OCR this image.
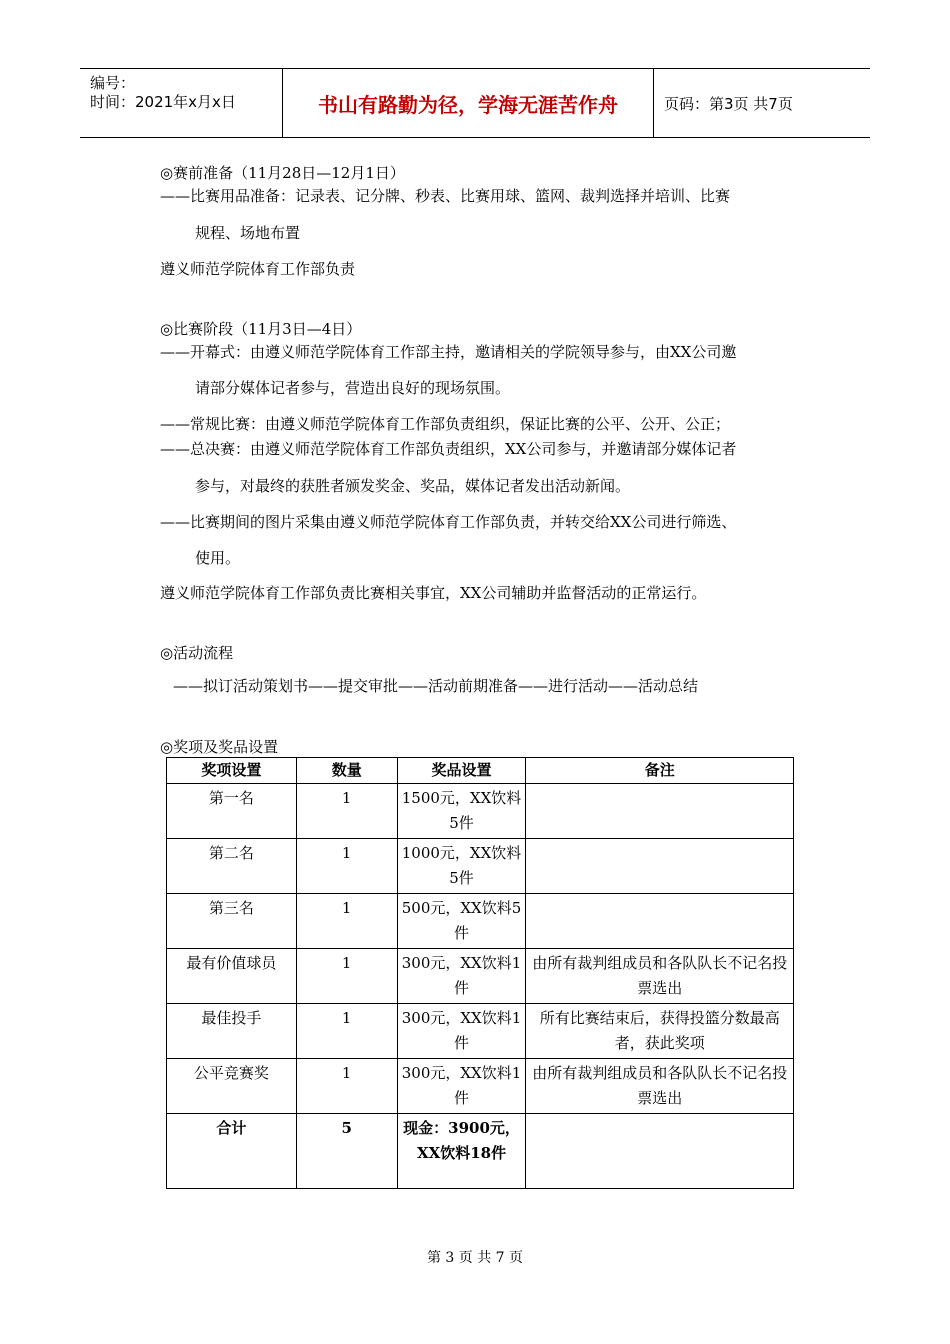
编号：
时间：2021年x月x日	书山有路勤为径，学海无涯苦作舟	页码：第3页 共7页
◎赛前准备（11月28日—12月1日）
——比赛用品准备：记录表、记分牌、秒表、比赛用球、篮网、裁判选择并培训、比赛
规程、场地布置
遵义师范学院体育工作部负责
◎比赛阶段（11月3日—4日）
——开幕式：由遵义师范学院体育工作部主持，邀请相关的学院领导参与，由XX公司邀
请部分媒体记者参与，营造出良好的现场氛围。
——常规比赛：由遵义师范学院体育工作部负责组织，保证比赛的公平、公开、公正；
——总决赛：由遵义师范学院体育工作部负责组织，XX公司参与，并邀请部分媒体记者
参与，对最终的获胜者颁发奖金、奖品，媒体记者发出活动新闻。
——比赛期间的图片采集由遵义师范学院体育工作部负责，并转交给XX公司进行筛选、
使用。
遵义师范学院体育工作部负责比赛相关事宜，XX公司辅助并监督活动的正常运行。
◎活动流程
——拟订活动策划书——提交审批——活动前期准备——进行活动——活动总结
◎奖项及奖品设置
奖项设置	数量	奖品设置	备注
第一名	1	1500元，XX饮料5件	
第二名	1	1000元，XX饮料5件	
第三名	1	500元，XX饮料5件	
最有价值球员	1	300元，XX饮料1件	由所有裁判组成员和各队队长不记名投票选出
最佳投手	1	300元，XX饮料1件	所有比赛结束后，获得投篮分数最高者，获此奖项
公平竞赛奖	1	300元，XX饮料1件	由所有裁判组成员和各队队长不记名投票选出
合计	5	现金：3900元，XX饮料18件	
第 3 页 共 7 页
